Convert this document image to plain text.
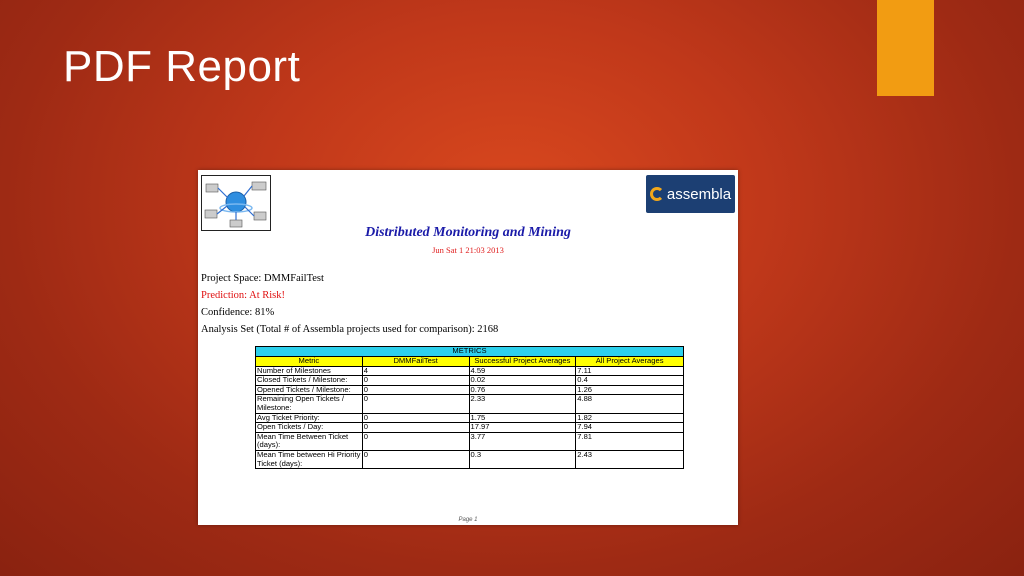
PDF Report
assembla
Distributed Monitoring and Mining
Jun Sat 1 21:03 2013
Project Space: DMMFailTest
Prediction: At Risk!
Confidence: 81%
Analysis Set (Total # of Assembla projects used for comparison): 2168
METRICS			
Metric	DMMFailTest	Successful Project Averages	All Project Averages
Number of Milestones	4	4.59	7.11
Closed Tickets / Milestone:	0	0.02	0.4
Opened Tickets / Milestone:	0	0.76	1.26
Remaining Open Tickets / Milestone:	0	2.33	4.88
Avg Ticket Priority:	0	1.75	1.82
Open Tickets / Day:	0	17.97	7.94
Mean Time Between Ticket (days):	0	3.77	7.81
Mean Time between Hi Priority Ticket (days):	0	0.3	2.43
Page 1
